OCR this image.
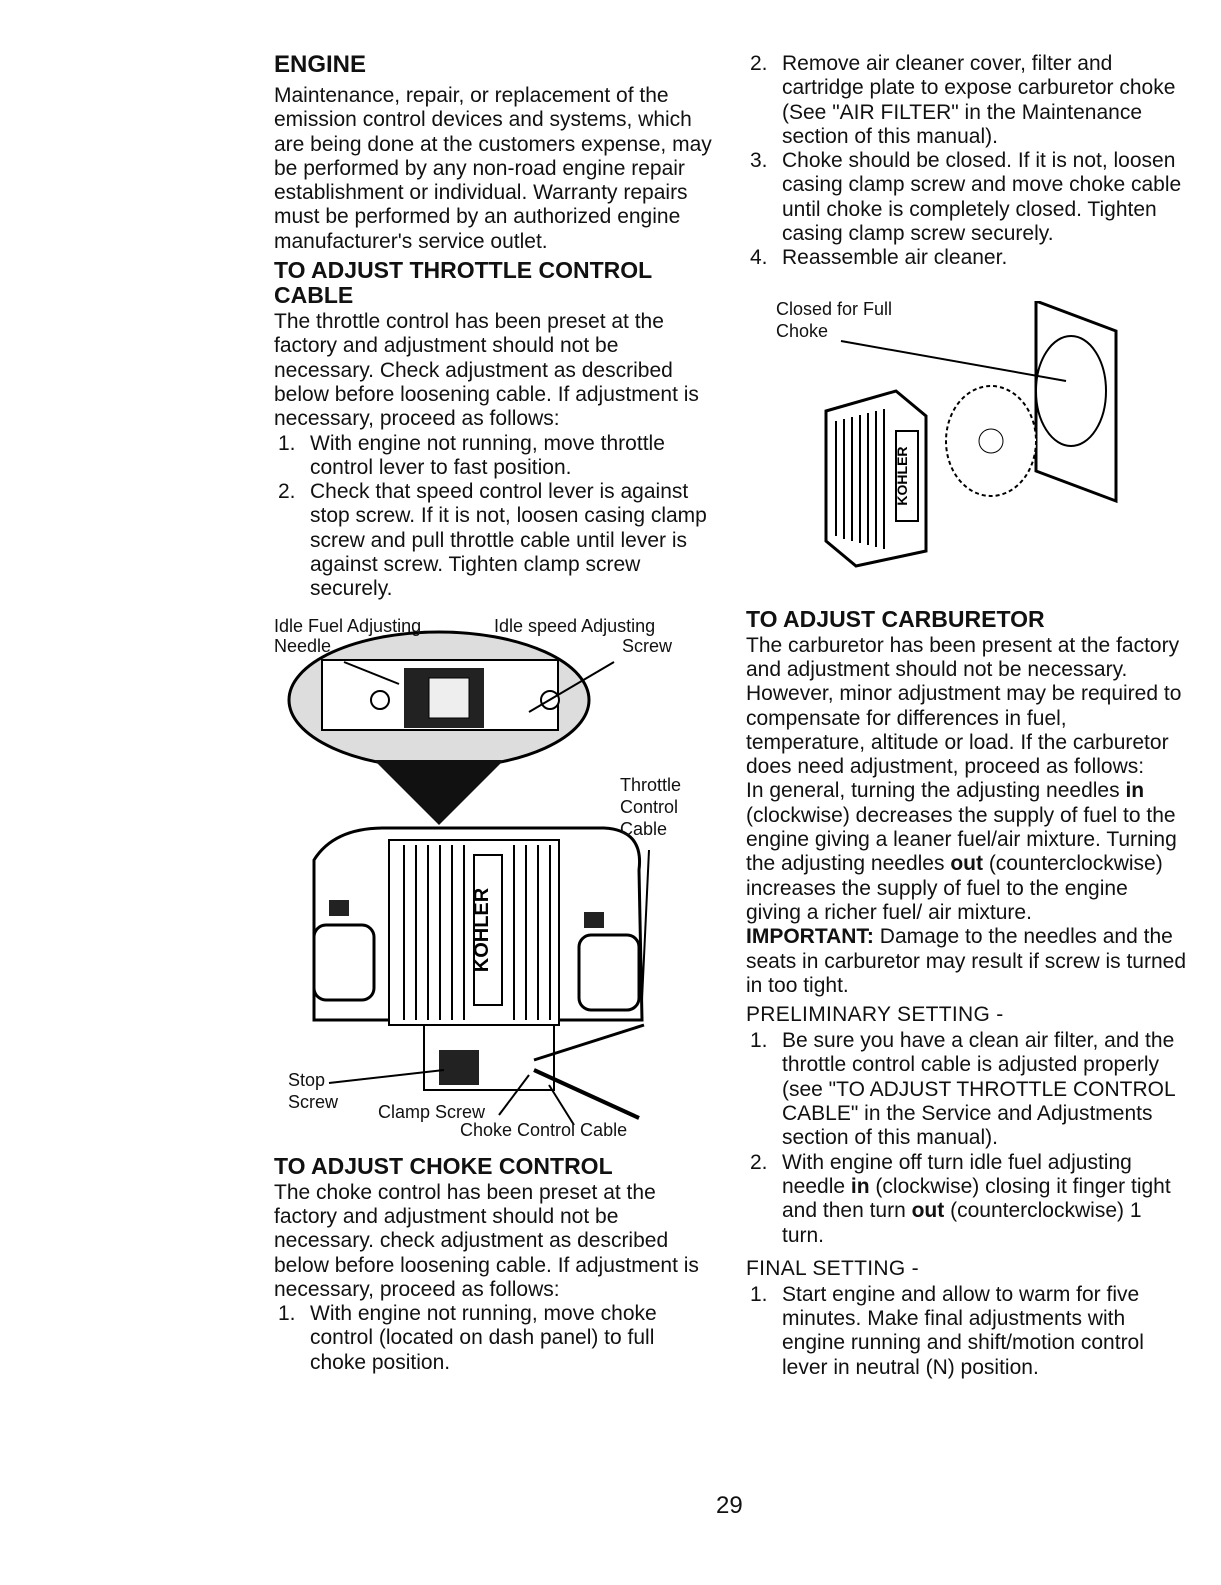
ENGINE

Maintenance, repair, or replacement of the emission control devices and systems, which are being done at the customers expense, may be performed by any non-road engine repair establishment or individual. Warranty repairs must be performed by an authorized engine manufacturer's service outlet.

TO ADJUST THROTTLE CONTROL CABLE

The throttle control has been preset at the factory and adjustment should not be necessary. Check adjustment as described below before loosening cable. If adjustment is necessary, proceed as follows:

1. With engine not running, move throttle control lever to fast position.
2. Check that speed control lever is against stop screw. If it is not, loosen casing clamp screw and pull throttle cable until lever is against screw. Tighten clamp screw securely.
KOHLER
Idle Fuel Adjusting
Needle
Idle speed Adjusting
Screw
Throttle
Control
Cable
Stop
Screw Clamp Screw
Choke Control Cable

TO ADJUST CHOKE CONTROL

The choke control has been preset at the factory and adjustment should not be necessary. check adjustment as described below before loosening cable. If adjustment is necessary, proceed as follows:

1. With engine not running, move choke control (located on dash panel) to full choke position.
2. Remove air cleaner cover, filter and cartridge plate to expose carburetor choke (See "AIR FILTER" in the Maintenance section of this manual).
3. Choke should be closed. If it is not, loosen casing clamp screw and move choke cable until choke is completely closed. Tighten casing clamp screw securely.
4. Reassemble air cleaner.
KOHLER
Closed for Full
Choke

TO ADJUST CARBURETOR

The carburetor has been present at the factory and adjustment should not be necessary. However, minor adjustment may be required to compensate for differences in fuel, temperature, altitude or load. If the carburetor does need adjustment, proceed as follows:

In general, turning the adjusting needles in (clockwise) decreases the supply of fuel to the engine giving a leaner fuel/air mixture. Turning the adjusting needles out (counterclockwise) increases the supply of fuel to the engine giving a richer fuel/ air mixture.

IMPORTANT: Damage to the needles and the seats in carburetor may result if screw is turned in too tight.

PRELIMINARY SETTING -

1. Be sure you have a clean air filter, and the throttle control cable is adjusted properly (see "TO ADJUST THROTTLE CONTROL CABLE" in the Service and Adjustments section of this manual).
2. With engine off turn idle fuel adjusting needle in (clockwise) closing it finger tight and then turn out (counterclockwise) 1 turn.

FINAL SETTING -

1. Start engine and allow to warm for five minutes. Make final adjustments with engine running and shift/motion control lever in neutral (N) position.
29
